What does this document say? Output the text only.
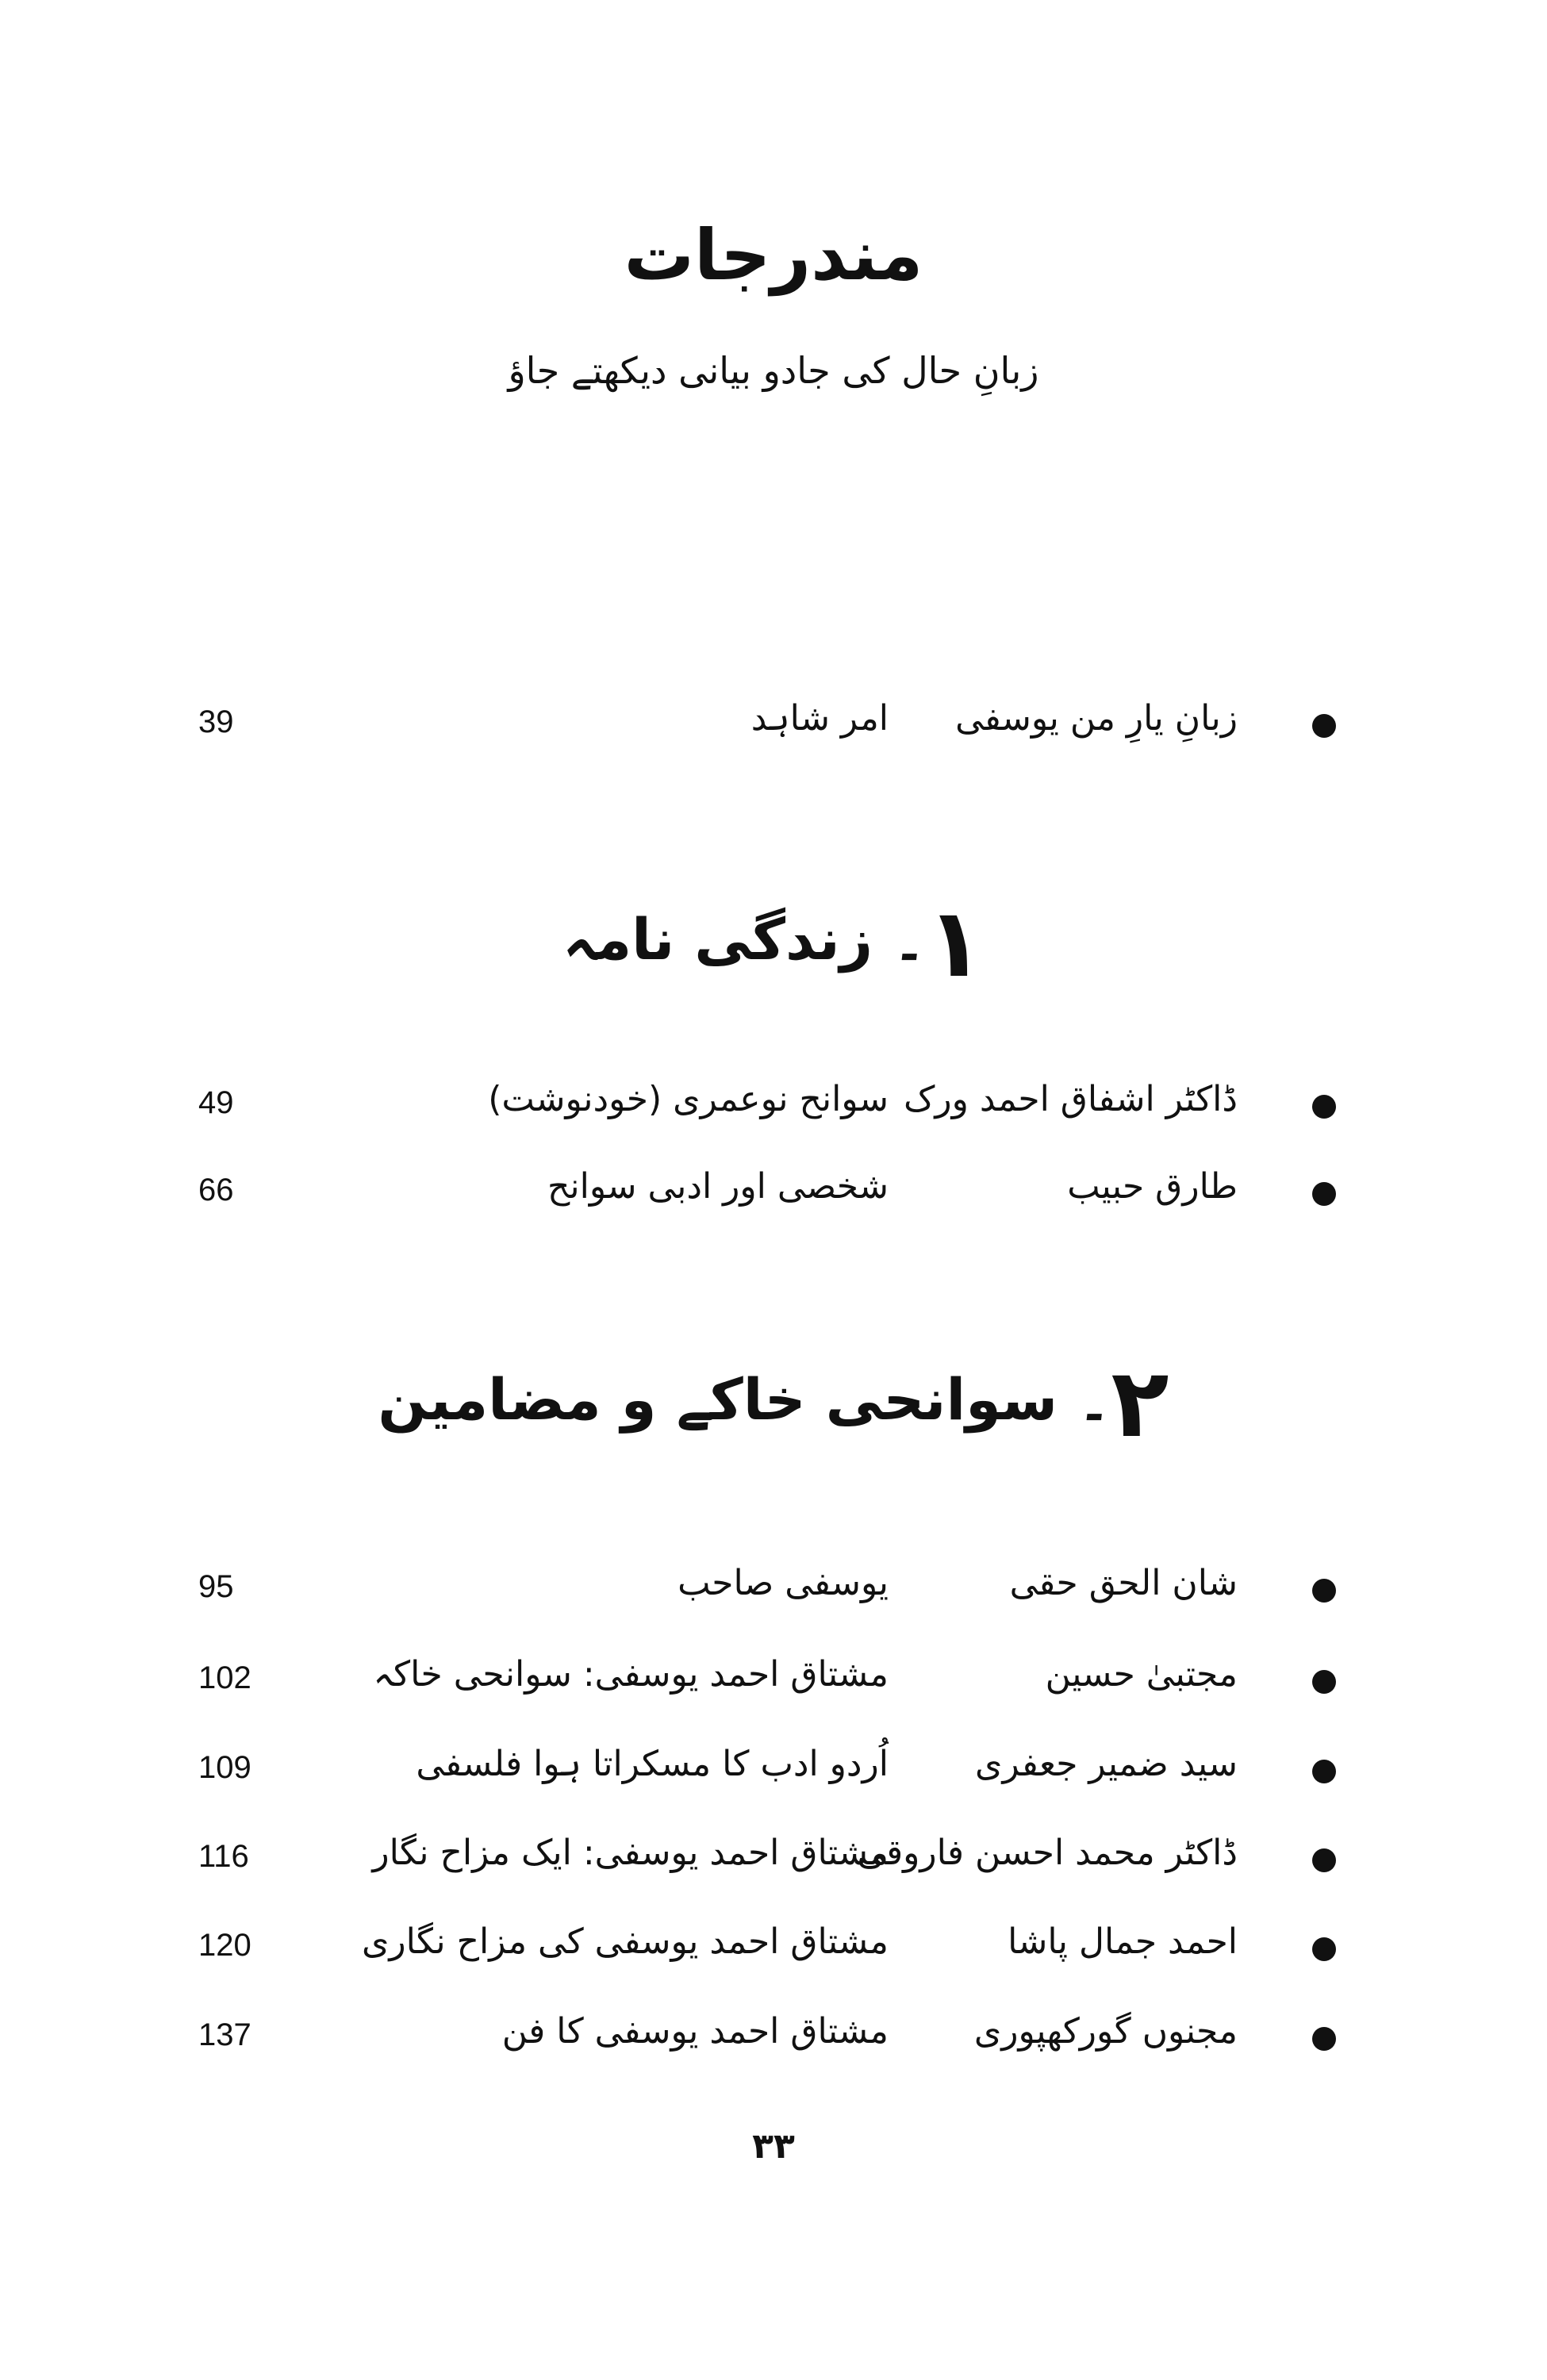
مندرجات
زبانِ حال کی جادو بیانی دیکھتے جاؤ
زبانِ یارِ من یوسفی
امر شاہد
39
۱۔ زندگی نامہ
ڈاکٹر اشفاق احمد ورک
سوانح نوعمری (خودنوشت)
49
طارق حبیب
شخصی اور ادبی سوانح
66
۲۔ سوانحی خاکے و مضامین
شان الحق حقی
یوسفی صاحب
95
مجتبیٰ حسین
مشتاق احمد یوسفی: سوانحی خاکہ
102
سید ضمیر جعفری
اُردو ادب کا مسکراتا ہوا فلسفی
109
ڈاکٹر محمد احسن فاروقی
مشتاق احمد یوسفی: ایک مزاح نگار
116
احمد جمال پاشا
مشتاق احمد یوسفی کی مزاح نگاری
120
مجنوں گورکھپوری
مشتاق احمد یوسفی کا فن
137
۳۳
